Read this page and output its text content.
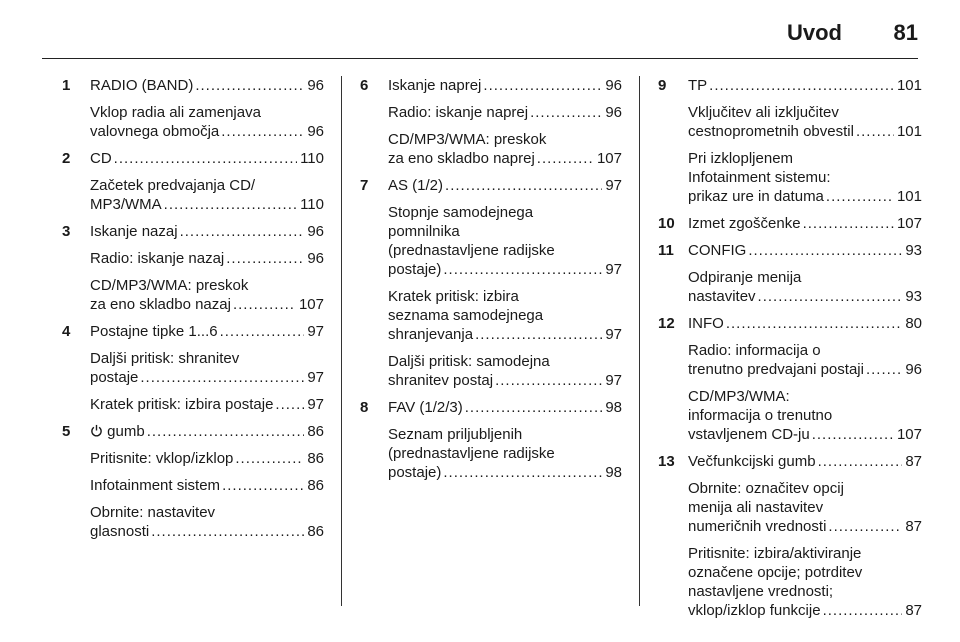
Uvod 81
1 RADIO (BAND) .....	96
Vklop radia ali zamenjava
valovnega območja .....	96
2 CD .....	110
Začetek predvajanja CD/
MP3/WMA .....	110
3 Iskanje nazaj .....	96
Radio: iskanje nazaj .....	96
CD/MP3/WMA: preskok
za eno skladbo nazaj .....	107
4 Postajne tipke 1...6 .....	97
Daljši pritisk: shranitev
postaje .....	97
Kratek pritisk: izbira postaje ..... 97
5	gumb .....	86
Pritisnite: vklop/izklop .....	86
Infotainment sistem .....	86
Obrnite: nastavitev
glasnosti .....	86
6 Iskanje naprej .....	96
Radio: iskanje naprej .....	96
CD/MP3/WMA: preskok
za eno skladbo naprej .....	107
7 AS (1/2) .....	97
Stopnje samodejnega
pomnilnika
(prednastavljene radijske
postaje) .....	97
Kratek pritisk: izbira
seznama samodejnega
shranjevanja .....	97
Daljši pritisk: samodejna
shranitev postaj .....	97
8 FAV (1/2/3) .....	98
Seznam priljubljenih
(prednastavljene radijske
postaje) .....	98
9 TP .....	101
Vključitev ali izključitev
cestnoprometnih obvestil .....	101
Pri izklopljenem
Infotainment sistemu:
prikaz ure in datuma .....	101
10 Izmet zgoščenke .....	107
11 CONFIG .....	93
Odpiranje menija
nastavitev .....	93
12 INFO .....	80
Radio: informacija o
trenutno predvajani postaji .....	96
CD/MP3/WMA:
informacija o trenutno
vstavljenem CD-ju .....	107
13 Večfunkcijski gumb .....	87
Obrnite: označitev opcij
menija ali nastavitev
numeričnih vrednosti .....	87
Pritisnite: izbira/aktiviranje
označene opcije; potrditev
nastavljene vrednosti;
vklop/izklop funkcije .....	87
